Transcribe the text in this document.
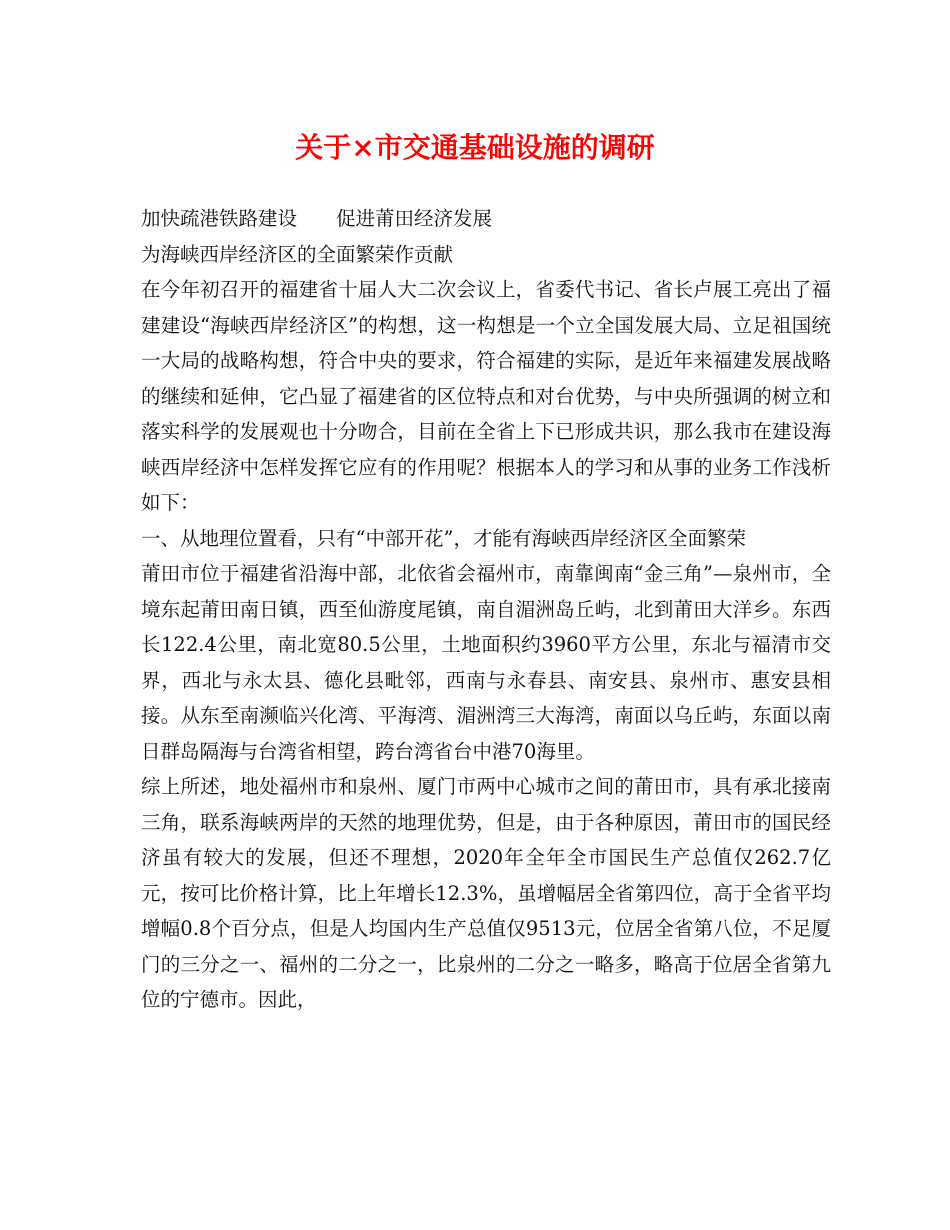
关于×市交通基础设施的调研

加快疏港铁路建设　　促进莆田经济发展

为海峡西岸经济区的全面繁荣作贡献

在今年初召开的福建省十届人大二次会议上，省委代书记、省长卢展工亮出了福建建设“海峡西岸经济区”的构想，这一构想是一个立全国发展大局、立足祖国统一大局的战略构想，符合中央的要求，符合福建的实际，是近年来福建发展战略的继续和延伸，它凸显了福建省的区位特点和对台优势，与中央所强调的树立和落实科学的发展观也十分吻合，目前在全省上下已形成共识，那么我市在建设海峡西岸经济中怎样发挥它应有的作用呢？根据本人的学习和从事的业务工作浅析如下：

一、从地理位置看，只有“中部开花”，才能有海峡西岸经济区全面繁荣

莆田市位于福建省沿海中部，北依省会福州市，南靠闽南“金三角”—泉州市，全境东起莆田南日镇，西至仙游度尾镇，南自湄洲岛丘屿，北到莆田大洋乡。东西长122.4公里，南北宽80.5公里，土地面积约3960平方公里，东北与福清市交界，西北与永太县、德化县毗邻，西南与永春县、南安县、泉州市、惠安县相接。从东至南濒临兴化湾、平海湾、湄洲湾三大海湾，南面以乌丘屿，东面以南日群岛隔海与台湾省相望，跨台湾省台中港70海里。

综上所述，地处福州市和泉州、厦门市两中心城市之间的莆田市，具有承北接南三角，联系海峡两岸的天然的地理优势，但是，由于各种原因，莆田市的国民经济虽有较大的发展，但还不理想，2020年全年全市国民生产总值仅262.7亿元，按可比价格计算，比上年增长12.3%，虽增幅居全省第四位，高于全省平均增幅0.8个百分点，但是人均国内生产总值仅9513元，位居全省第八位，不足厦门的三分之一、福州的二分之一，比泉州的二分之一略多，略高于位居全省第九位的宁德市。因此，
